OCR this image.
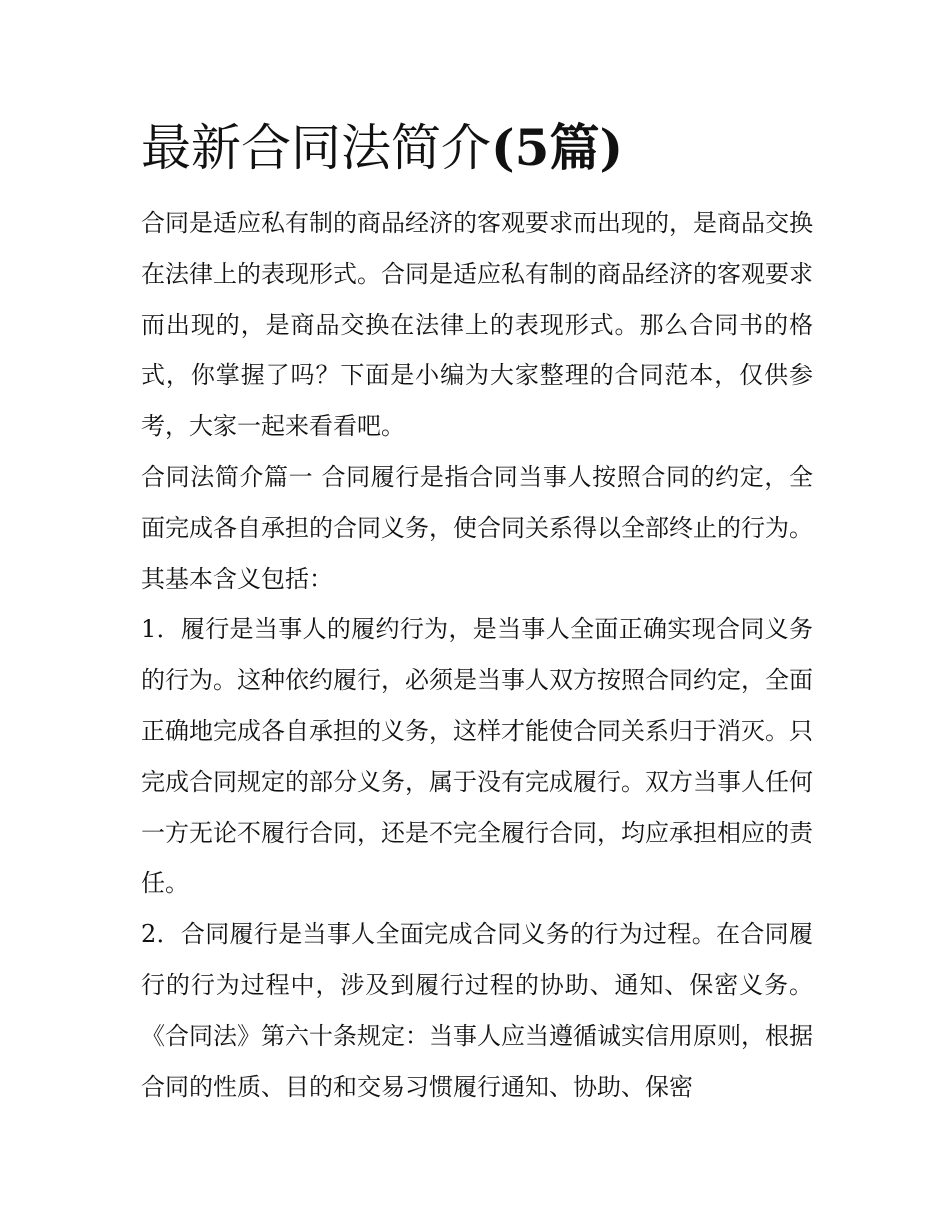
最新合同法简介(5篇)

合同是适应私有制的商品经济的客观要求而出现的，是商品交换在法律上的表现形式。合同是适应私有制的商品经济的客观要求而出现的，是商品交换在法律上的表现形式。那么合同书的格式，你掌握了吗？下面是小编为大家整理的合同范本，仅供参考，大家一起来看看吧。

合同法简介篇一 合同履行是指合同当事人按照合同的约定，全面完成各自承担的合同义务，使合同关系得以全部终止的行为。其基本含义包括：

1．履行是当事人的履约行为，是当事人全面正确实现合同义务的行为。这种依约履行，必须是当事人双方按照合同约定，全面正确地完成各自承担的义务，这样才能使合同关系归于消灭。只完成合同规定的部分义务，属于没有完成履行。双方当事人任何一方无论不履行合同，还是不完全履行合同，均应承担相应的责任。

2．合同履行是当事人全面完成合同义务的行为过程。在合同履行的行为过程中，涉及到履行过程的协助、通知、保密义务。《合同法》第六十条规定：当事人应当遵循诚实信用原则，根据合同的性质、目的和交易习惯履行通知、协助、保密
